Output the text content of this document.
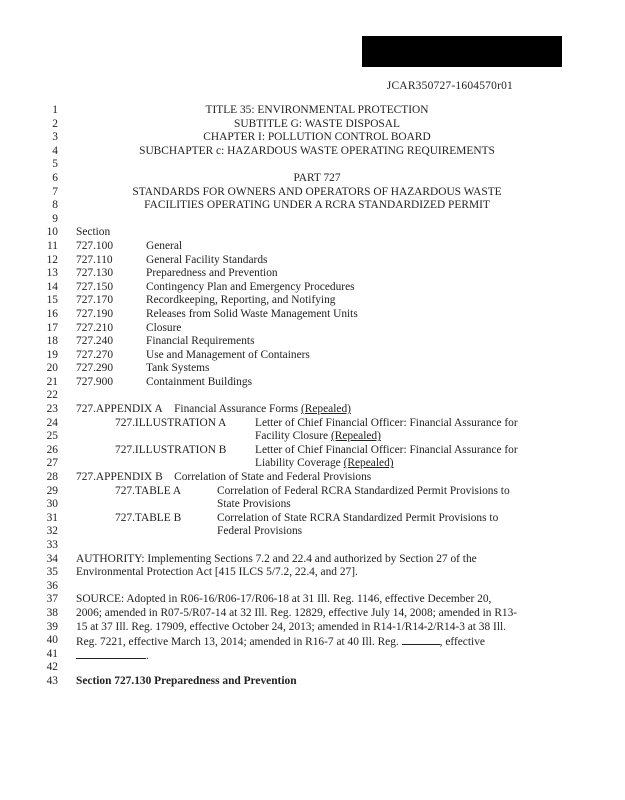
JCAR350727-1604570r01
1	TITLE 35: ENVIRONMENTAL PROTECTION
2	SUBTITLE G: WASTE DISPOSAL
3	CHAPTER I: POLLUTION CONTROL BOARD
4	SUBCHAPTER c: HAZARDOUS WASTE OPERATING REQUIREMENTS
5
6	PART 727
7	STANDARDS FOR OWNERS AND OPERATORS OF HAZARDOUS WASTE
8	FACILITIES OPERATING UNDER A RCRA STANDARDIZED PERMIT
9
10 Section
11 727.100	General
12 727.110	General Facility Standards
13 727.130	Preparedness and Prevention
14 727.150	Contingency Plan and Emergency Procedures
15 727.170	Recordkeeping, Reporting, and Notifying
16 727.190	Releases from Solid Waste Management Units
17 727.210	Closure
18 727.240	Financial Requirements
19 727.270	Use and Management of Containers
20 727.290	Tank Systems
21 727.900	Containment Buildings
22
23 727.APPENDIX A Financial Assurance Forms (Repealed)
24	727.ILLUSTRATION A	Letter of Chief Financial Officer: Financial Assurance for
25	Facility Closure (Repealed)
26	727.ILLUSTRATION B	Letter of Chief Financial Officer: Financial Assurance for
27	Liability Coverage (Repealed)
28 727.APPENDIX B Correlation of State and Federal Provisions
29	727.TABLE A	Correlation of Federal RCRA Standardized Permit Provisions to
30	State Provisions
31	727.TABLE B	Correlation of State RCRA Standardized Permit Provisions to
32	Federal Provisions
33
34 AUTHORITY: Implementing Sections 7.2 and 22.4 and authorized by Section 27 of the
35 Environmental Protection Act [415 ILCS 5/7.2, 22.4, and 27].
36
37 SOURCE: Adopted in R06-16/R06-17/R06-18 at 31 Ill. Reg. 1146, effective December 20,
38 2006; amended in R07-5/R07-14 at 32 Ill. Reg. 12829, effective July 14, 2008; amended in R13-
39 15 at 37 Ill. Reg. 17909, effective October 24, 2013; amended in R14-1/R14-2/R14-3 at 38 Ill.
40 Reg. 7221, effective March 13, 2014; amended in R16-7 at 40 Ill. Reg.	, effective
41	.
42
43 Section 727.130 Preparedness and Prevention
